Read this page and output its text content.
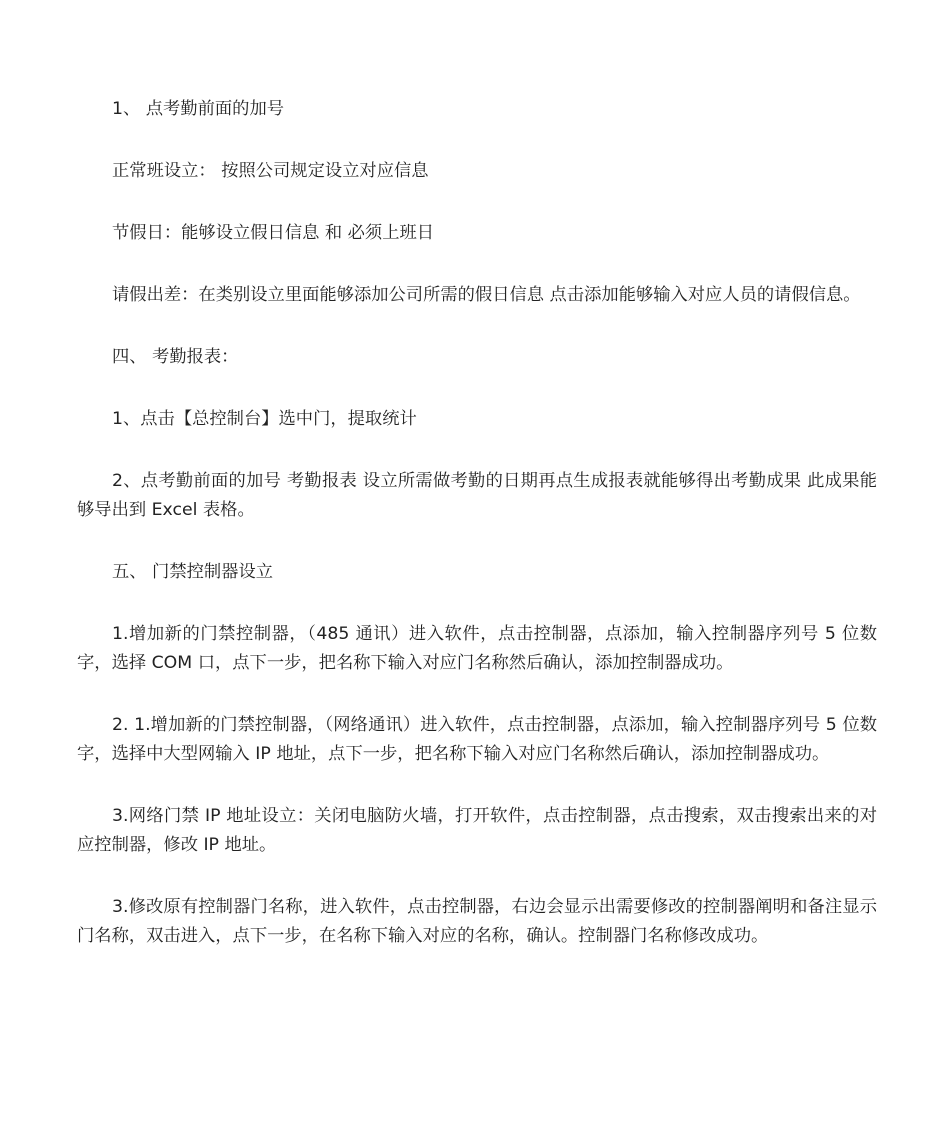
1、 点考勤前面的加号

正常班设立： 按照公司规定设立对应信息

节假日：能够设立假日信息 和 必须上班日

请假出差：在类别设立里面能够添加公司所需的假日信息 点击添加能够输入对应人员的请假信息。

四、 考勤报表：

1、点击【总控制台】选中门，提取统计

2、点考勤前面的加号 考勤报表 设立所需做考勤的日期再点生成报表就能够得出考勤成果 此成果能够导出到 Excel 表格。

五、 门禁控制器设立

1.增加新的门禁控制器，（485 通讯）进入软件，点击控制器，点添加，输入控制器序列号 5 位数字，选择 COM 口，点下一步，把名称下输入对应门名称然后确认，添加控制器成功。

2. 1.增加新的门禁控制器，（网络通讯）进入软件，点击控制器，点添加，输入控制器序列号 5 位数字，选择中大型网输入 IP 地址，点下一步，把名称下输入对应门名称然后确认，添加控制器成功。

3.网络门禁 IP 地址设立：关闭电脑防火墙，打开软件，点击控制器，点击搜索，双击搜索出来的对应控制器，修改 IP 地址。

3.修改原有控制器门名称，进入软件，点击控制器，右边会显示出需要修改的控制器阐明和备注显示门名称，双击进入，点下一步，在名称下输入对应的名称，确认。控制器门名称修改成功。
